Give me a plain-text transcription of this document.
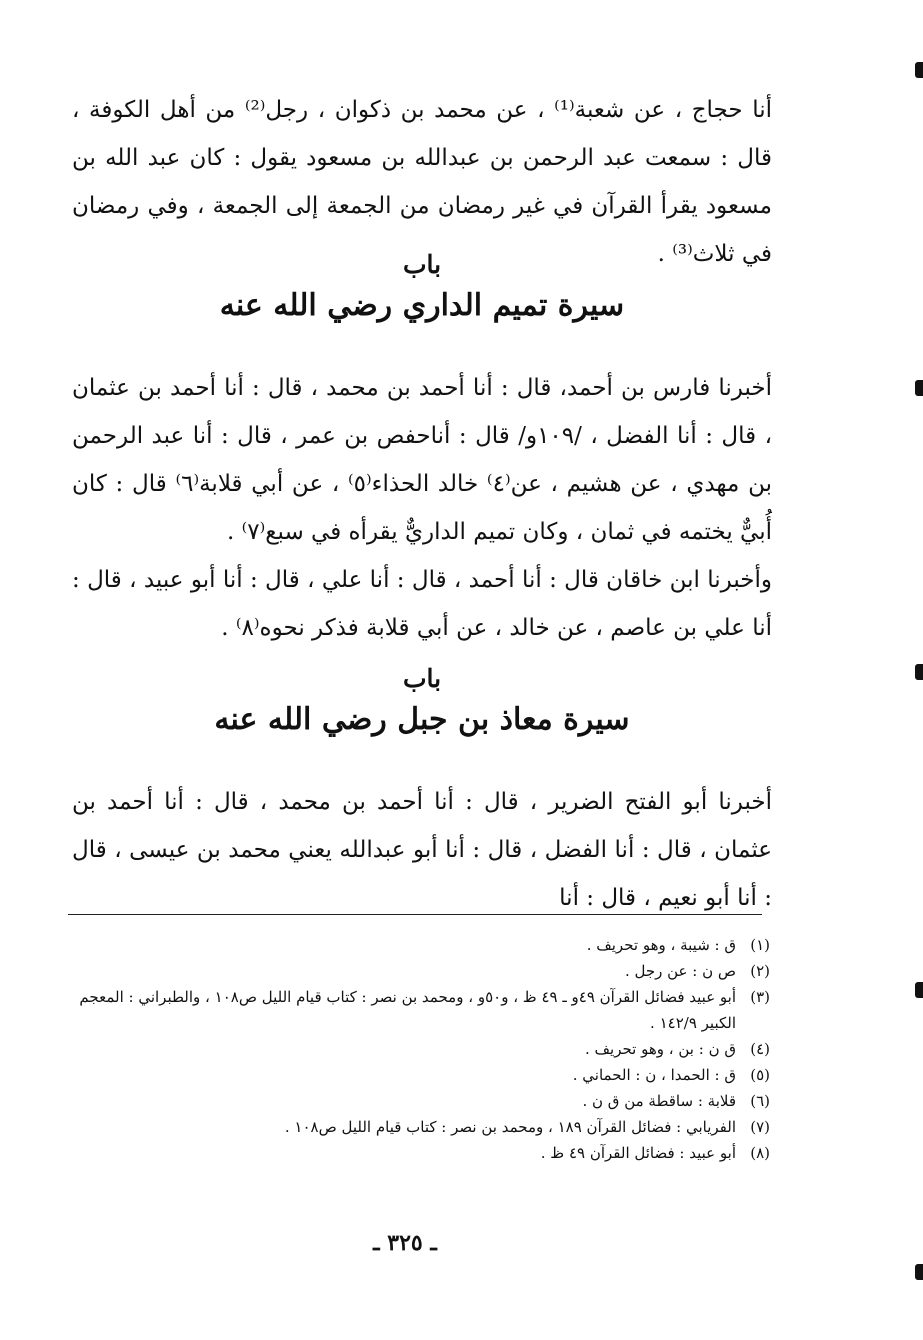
أنا حجاج ، عن شعبة⁽¹⁾ ، عن محمد بن ذكوان ، رجل⁽²⁾ من أهل الكوفة ، قال : سمعت عبد الرحمن بن عبدالله بن مسعود يقول : كان عبد الله بن مسعود يقرأ القرآن في غير رمضان من الجمعة إلى الجمعة ، وفي رمضان في ثلاث⁽³⁾ .

باب
سيرة تميم الداري رضي الله عنه

أخبرنا فارس بن أحمد، قال : أنا أحمد بن محمد ، قال : أنا أحمد بن عثمان ، قال : أنا الفضل ، /١٠٩و/ قال : أناحفص بن عمر ، قال : أنا عبد الرحمن بن مهدي ، عن هشيم ، عن⁽٤⁾ خالد الحذاء⁽٥⁾ ، عن أبي قلابة⁽٦⁾ قال : كان أُبيٌّ يختمه في ثمان ، وكان تميم الداريٌّ يقرأه في سبع⁽٧⁾ .

وأخبرنا ابن خاقان قال : أنا أحمد ، قال : أنا علي ، قال : أنا أبو عبيد ، قال : أنا علي بن عاصم ، عن خالد ، عن أبي قلابة فذكر نحوه⁽٨⁾ .

باب
سيرة معاذ بن جبل رضي الله عنه

أخبرنا أبو الفتح الضرير ، قال : أنا أحمد بن محمد ، قال : أنا أحمد بن عثمان ، قال : أنا الفضل ، قال : أنا أبو عبدالله يعني محمد بن عيسى ، قال : أنا أبو نعيم ، قال : أنا

(١)
ق : شيبة ، وهو تحريف .
(٢)
ص ن : عن رجل .
(٣)
أبو عبيد فضائل القرآن ٤٩و ـ ٤٩ ظ ، و٥٠و ، ومحمد بن نصر : كتاب قيام الليل ص١٠٨ ، والطبراني : المعجم الكبير ١٤٢/٩ .
(٤)
ق ن : بن ، وهو تحريف .
(٥)
ق : الحمدا ، ن : الحماني .
(٦)
قلابة : ساقطة من ق ن .
(٧)
الفريابي : فضائل القرآن ١٨٩ ، ومحمد بن نصر : كتاب قيام الليل ص١٠٨ .
(٨)
أبو عبيد : فضائل القرآن ٤٩ ظ .
ـ ٣٢٥ ـ
